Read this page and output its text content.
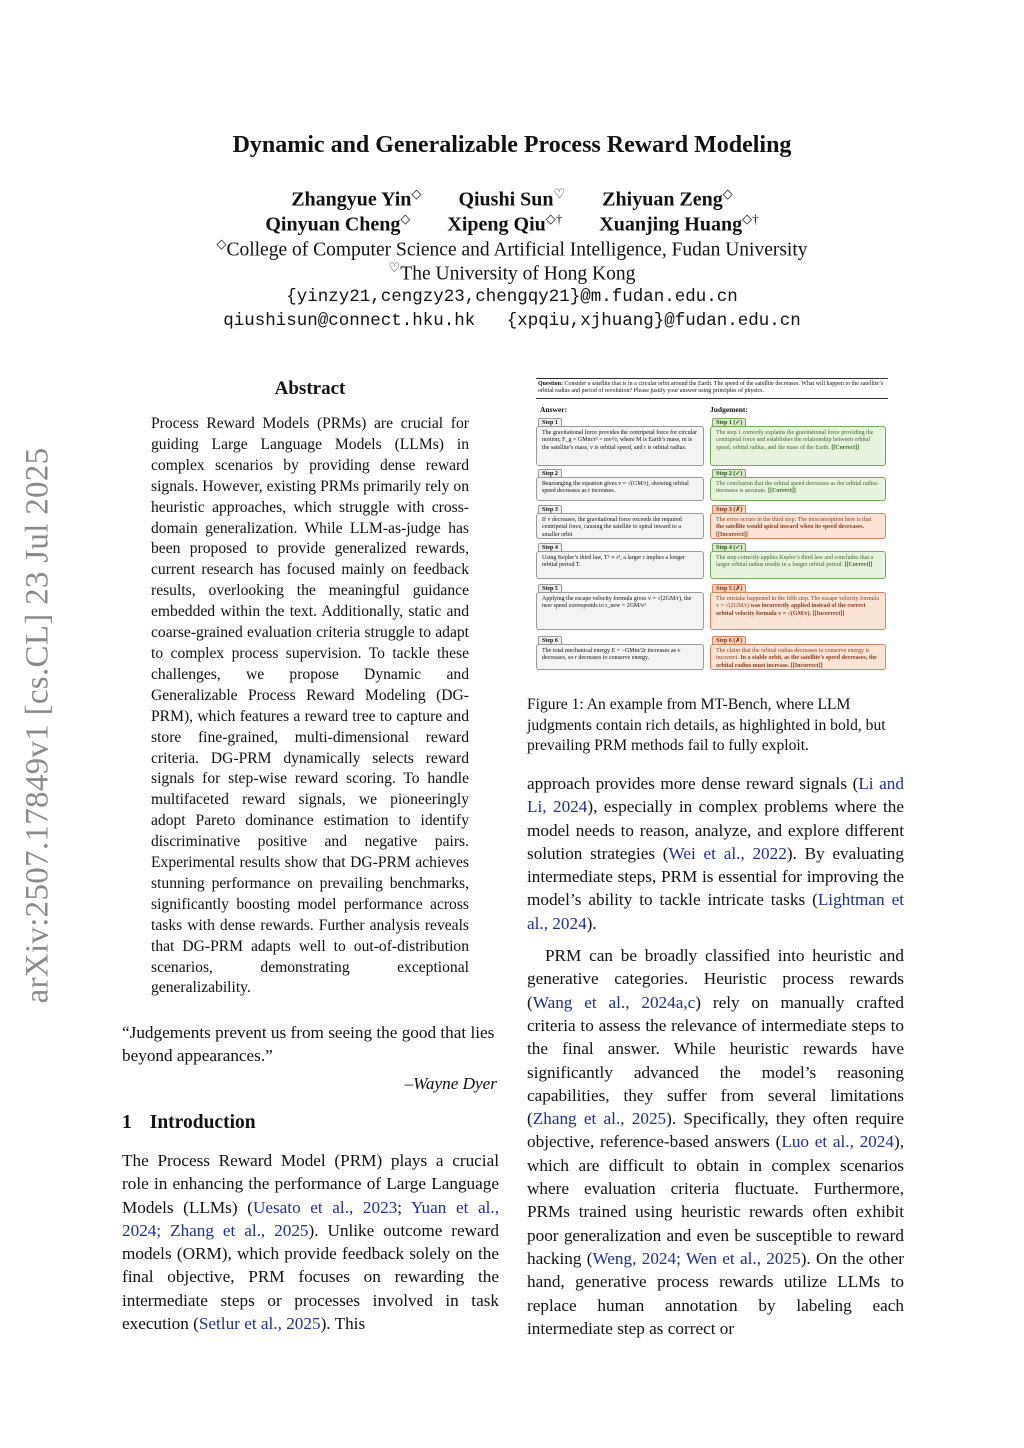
arXiv:2507.17849v1 [cs.CL] 23 Jul 2025
Dynamic and Generalizable Process Reward Modeling
Zhangyue Yin◇ Qiushi Sun♡ Zhiyuan Zeng◇
Qinyuan Cheng◇ Xipeng Qiu◇† Xuanjing Huang◇†
◇College of Computer Science and Artificial Intelligence, Fudan University
♡The University of Hong Kong
{yinzy21,cengzy23,chengqy21}@m.fudan.edu.cn
qiushisun@connect.hku.hk   {xpqiu,xjhuang}@fudan.edu.cn
Abstract
Process Reward Models (PRMs) are crucial for guiding Large Language Models (LLMs) in complex scenarios by providing dense reward signals. However, existing PRMs primarily rely on heuristic approaches, which struggle with cross-domain generalization. While LLM-as-judge has been proposed to provide generalized rewards, current research has focused mainly on feedback results, overlooking the meaningful guidance embedded within the text. Additionally, static and coarse-grained evaluation criteria struggle to adapt to complex process supervision. To tackle these challenges, we propose Dynamic and Generalizable Process Reward Modeling (DG-PRM), which features a reward tree to capture and store fine-grained, multi-dimensional reward criteria. DG-PRM dynamically selects reward signals for step-wise reward scoring. To handle multifaceted reward signals, we pioneeringly adopt Pareto dominance estimation to identify discriminative positive and negative pairs. Experimental results show that DG-PRM achieves stunning performance on prevailing benchmarks, significantly boosting model performance across tasks with dense rewards. Further analysis reveals that DG-PRM adapts well to out-of-distribution scenarios, demonstrating exceptional generalizability.
“Judgements prevent us from seeing the good that lies beyond appearances.”
–Wayne Dyer
1 Introduction
The Process Reward Model (PRM) plays a crucial role in enhancing the performance of Large Language Models (LLMs) (Uesato et al., 2023; Yuan et al., 2024; Zhang et al., 2025). Unlike outcome reward models (ORM), which provide feedback solely on the final objective, PRM focuses on rewarding the intermediate steps or processes involved in task execution (Setlur et al., 2025). This
Question: Consider a satellite that is in a circular orbit around the Earth. The speed of the satellite decreases. What will happen to the satellite’s orbital radius and period of revolution? Please justify your answer using principles of physics.
Answer:	Judgement:
Step 1
The gravitational force provides the centripetal force for circular motion; F_g = GMm/r² = mv²/r, where M is Earth’s mass, m is the satellite’s mass, v is orbital speed, and r is orbital radius.
Step 1 (✓)
The step 1 correctly explains the gravitational force providing the centripetal force and establishes the relationship between orbital speed, orbital radius, and the mass of the Earth. [[Correct]]
Step 2
Rearranging the equation gives v = √(GM/r), showing orbital speed decreases as r increases.
Step 2 (✓)
The conclusion that the orbital speed decreases as the orbital radius increases is accurate. [[Correct]]
Step 3
If v decreases, the gravitational force exceeds the required centripetal force, causing the satellite to spiral inward to a smaller orbit
Step 3 (✗)
The error occurs in the third step. The misconception here is that the satellite would spiral inward when its speed decreases. [[Incorrect]]
Step 4
Using Kepler’s third law, T² ∝ r³, a larger r implies a longer orbital period T.
Step 4 (✓)
The step correctly applies Kepler’s third law and concludes that a larger orbital radius results in a longer orbital period. [[Correct]]
Step 5
Applying the escape velocity formula gives v = √(2GM/r), the new speed corresponds to r_new = 2GM/v²
Step 5 (✗)
The mistake happened in the fifth step. The escape velocity formula v = √(2GM/r) was incorrectly applied instead of the correct orbital velocity formula v = √(GM/r). [[Incorrect]]
Step 6
The total mechanical energy E = −GMm/2r increases as v decreases, so r decreases to conserve energy.
Step 6 (✗)
The claim that the orbital radius decreases to conserve energy is incorrect. In a stable orbit, as the satellite’s speed decreases, the orbital radius must increase. [[Incorrect]]
Figure 1: An example from MT-Bench, where LLM judgments contain rich details, as highlighted in bold, but prevailing PRM methods fail to fully exploit.

approach provides more dense reward signals (Li and Li, 2024), especially in complex problems where the model needs to reason, analyze, and explore different solution strategies (Wei et al., 2022). By evaluating intermediate steps, PRM is essential for improving the model’s ability to tackle intricate tasks (Lightman et al., 2024).

PRM can be broadly classified into heuristic and generative categories. Heuristic process rewards (Wang et al., 2024a,c) rely on manually crafted criteria to assess the relevance of intermediate steps to the final answer. While heuristic rewards have significantly advanced the model’s reasoning capabilities, they suffer from several limitations (Zhang et al., 2025). Specifically, they often require objective, reference-based answers (Luo et al., 2024), which are difficult to obtain in complex scenarios where evaluation criteria fluctuate. Furthermore, PRMs trained using heuristic rewards often exhibit poor generalization and even be susceptible to reward hacking (Weng, 2024; Wen et al., 2025). On the other hand, generative process rewards utilize LLMs to replace human annotation by labeling each intermediate step as correct or
